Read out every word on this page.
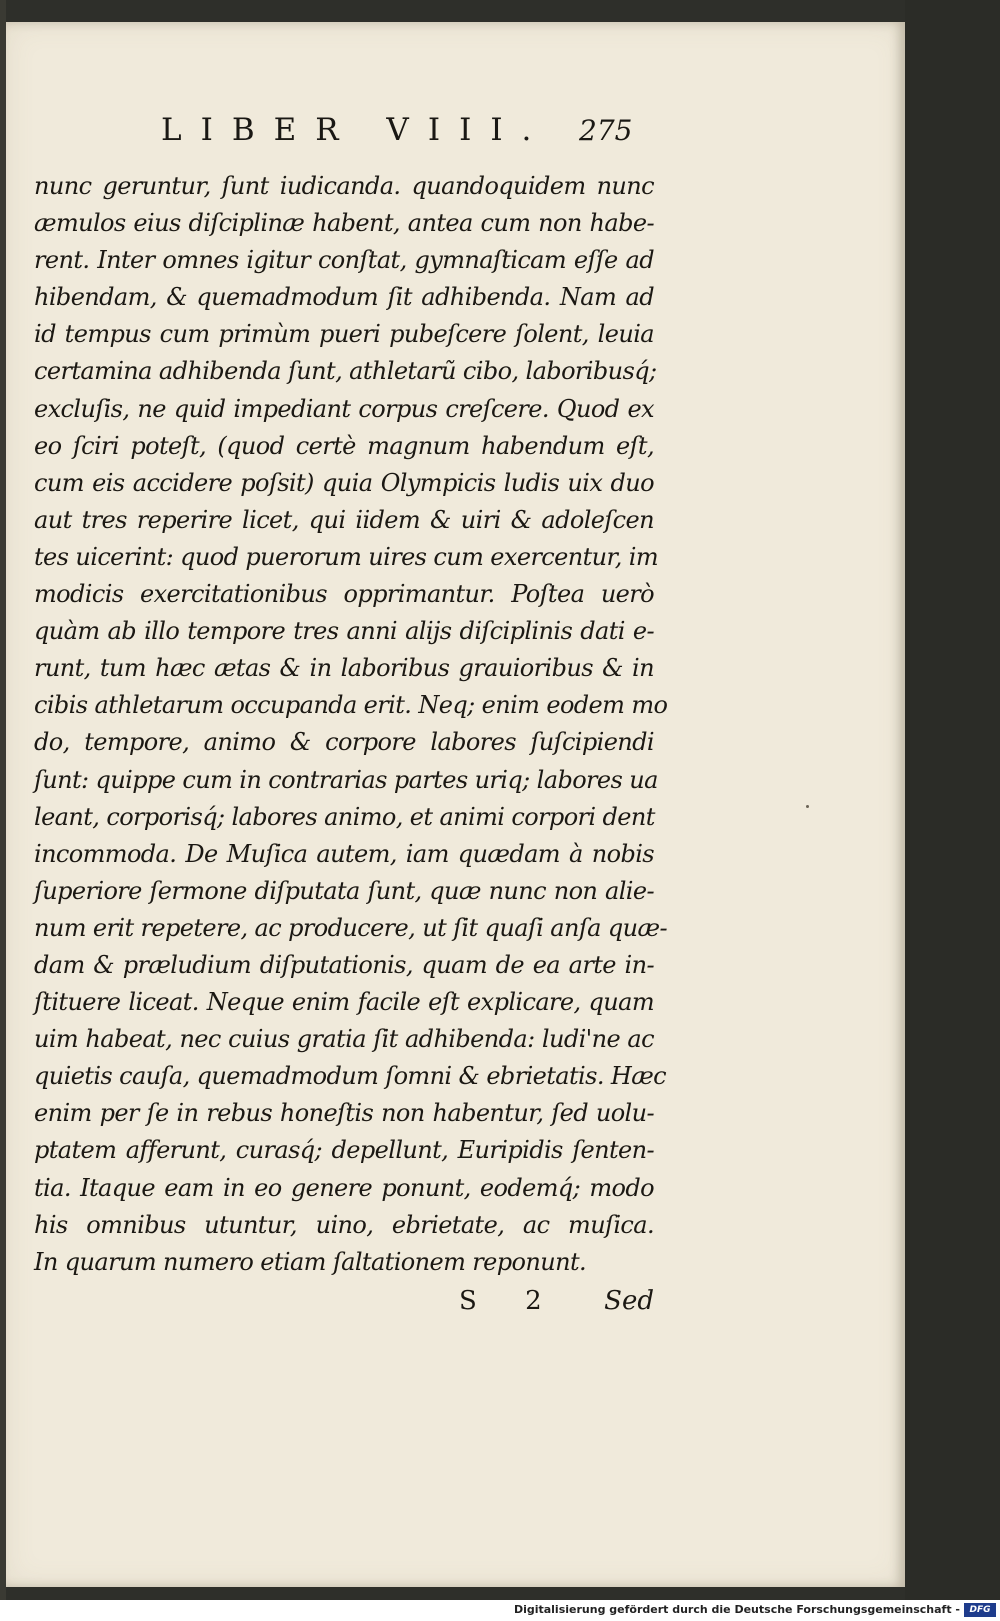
LIBER VIII. 275
nunc geruntur, ſunt iudicanda. quandoquidem nunc
æmulos eius diſciplinæ habent, antea cum non habe-
rent. Inter omnes igitur conſtat, gymnaſticam eſſe ad
hibendam, & quemadmodum ſit adhibenda. Nam ad
id tempus cum primùm pueri pubeſcere ſolent, leuia
certamina adhibenda ſunt, athletarũ cibo, laboribusq́;
excluſis, ne quid impediant corpus creſcere. Quod ex
eo ſciri poteſt, (quod certè magnum habendum eſt,
cum eis accidere poſsit) quia Olympicis ludis uix duo
aut tres reperire licet, qui iidem & uiri & adoleſcen
tes uicerint: quod puerorum uires cum exercentur, im
modicis exercitationibus opprimantur. Poſtea uerò
quàm ab illo tempore tres anni alijs diſciplinis dati e-
runt, tum hæc ætas & in laboribus grauioribus & in
cibis athletarum occupanda erit. Neq; enim eodem mo
do, tempore, animo & corpore labores ſuſcipiendi
ſunt: quippe cum in contrarias partes uriq; labores ua
leant, corporisq́; labores animo, et animi corpori dent
incommoda. De Muſica autem, iam quædam à nobis
ſuperiore ſermone diſputata ſunt, quæ nunc non alie-
num erit repetere, ac producere, ut ſit quaſi anſa quæ-
dam & præludium diſputationis, quam de ea arte in-
ſtituere liceat. Neque enim facile eſt explicare, quam
uim habeat, nec cuius gratia ſit adhibenda: ludi'ne ac
quietis cauſa, quemadmodum ſomni & ebrietatis. Hæc
enim per ſe in rebus honeſtis non habentur, ſed uolu-
ptatem afferunt, curasq́; depellunt, Euripidis ſenten-
tia. Itaque eam in eo genere ponunt, eodemq́; modo
his omnibus utuntur, uino, ebrietate, ac muſica.
In quarum numero etiam ſaltationem reponunt.
S 2 Sed
Digitalisierung gefördert durch die Deutsche Forschungsgemeinschaft -	DFG
